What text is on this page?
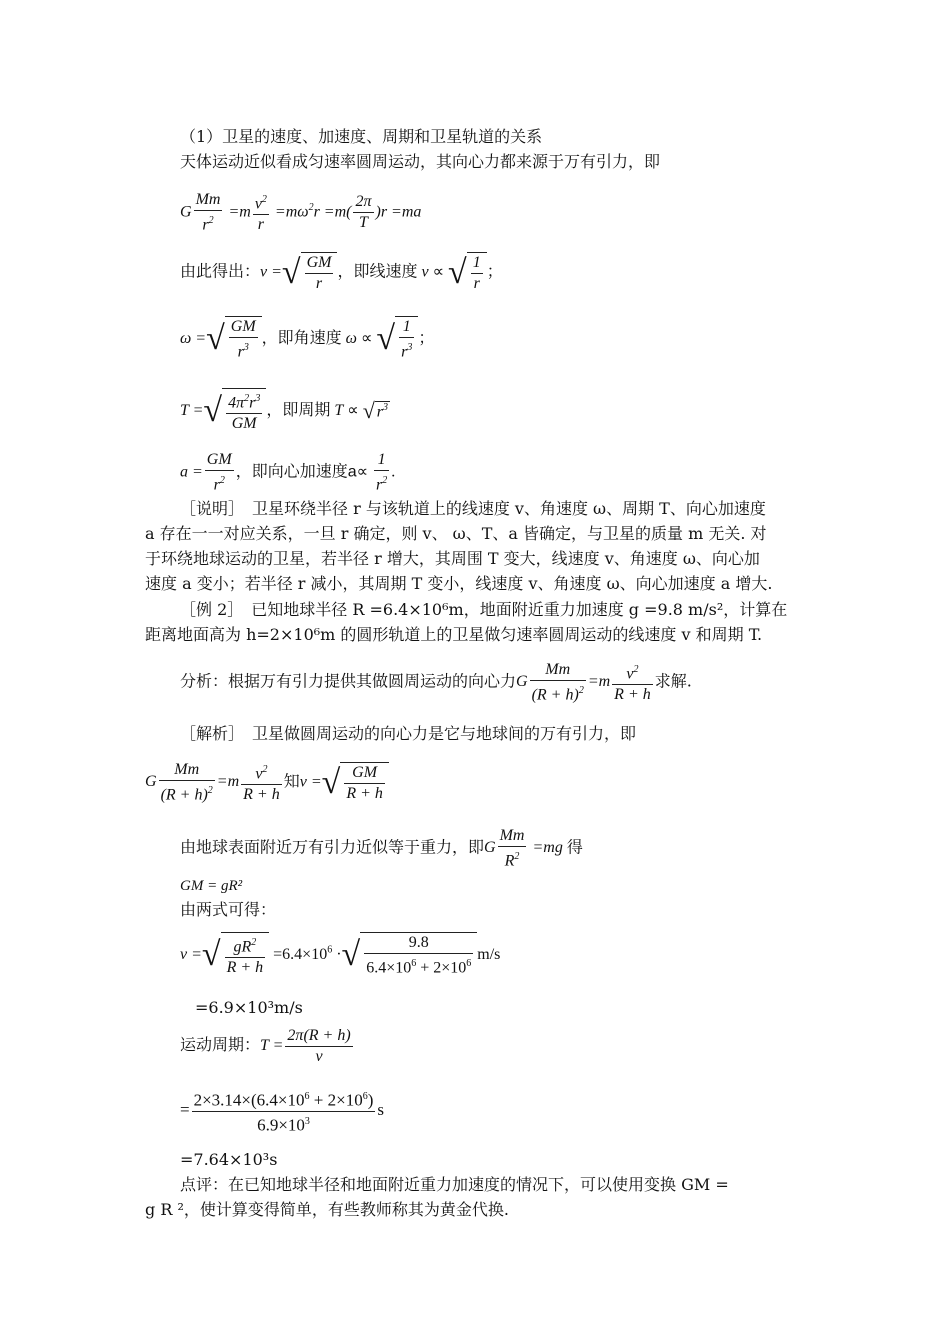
（1）卫星的速度、加速度、周期和卫星轨道的关系
天体运动近似看成匀速率圆周运动，其向心力都来源于万有引力，即
G $\frac{Mm}{r^2} =m \frac{v^2}{r} =m\omega^2r =m( \frac{2\pi}{T} )r =ma$
由此得出：v =√ $\frac{GM}{r}$ ，即线速度 v ∝ √ $\frac{1}{r}$ ；
ω =√ $\frac{GM}{r^3}$ ，即角速度 ω ∝ √ $\frac{1}{r^3}$ ；
T =√ $\frac{4\pi^2r^3}{GM}$ ，即周期 T ∝ √ $r^3$
$a = \frac{GM}{r^2}$ ，即向心加速度$a\propto \frac{1}{r^2}$ .
［说明］　卫星环绕半径 r 与该轨道上的线速度 v、角速度 ω、周期 T、向心加速度
a 存在一一对应关系，一旦 r 确定，则 v、 ω、T、a 皆确定，与卫星的质量 m 无关. 对
于环绕地球运动的卫星，若半径 r 增大，其周围 T 变大，线速度 v、角速度 ω、向心加
速度 a 变小；若半径 r 减小，其周期 T 变小，线速度 v、角速度 ω、向心加速度 a 增大.
［例 2］　已知地球半径 R =6.4×10⁶m，地面附近重力加速度 g =9.8 m/s²，计算在
距离地面高为 h=2×10⁶m 的圆形轨道上的卫星做匀速率圆周运动的线速度 v 和周期 T.
分析：根据万有引力提供其做圆周运动的向心力G $\frac{Mm}{(R + h)^2} =m \frac{v^2}{R + h}$ 求解.
［解析］　卫星做圆周运动的向心力是它与地球间的万有引力，即
G $\frac{Mm}{(R + h)^2} =m \frac{v^2}{R + h}$ 知v =√ $\frac{GM}{R + h}$
由地球表面附近万有引力近似等于重力，即G $\frac{Mm}{R^2} =mg$ 得
GM = gR²
由两式可得：
v =√ $\frac{gR^2}{R + h} =6.4\times 10^6$ ·√ $\frac{9.8}{6.4\times 10^6 + 2\times 10^6} m/s$
=6.9×10³m/s
运动周期：$T = \frac{2\pi(R + h)}{v}$
= $\frac{2\times 3.14\times(6.4\times 10^6 + 2\times 10^6)}{6.9\times 10^3}$ s
=7.64×10³s
点评：在已知地球半径和地面附近重力加速度的情况下，可以使用变换 GM =
g R ²，使计算变得简单，有些教师称其为黄金代换.
